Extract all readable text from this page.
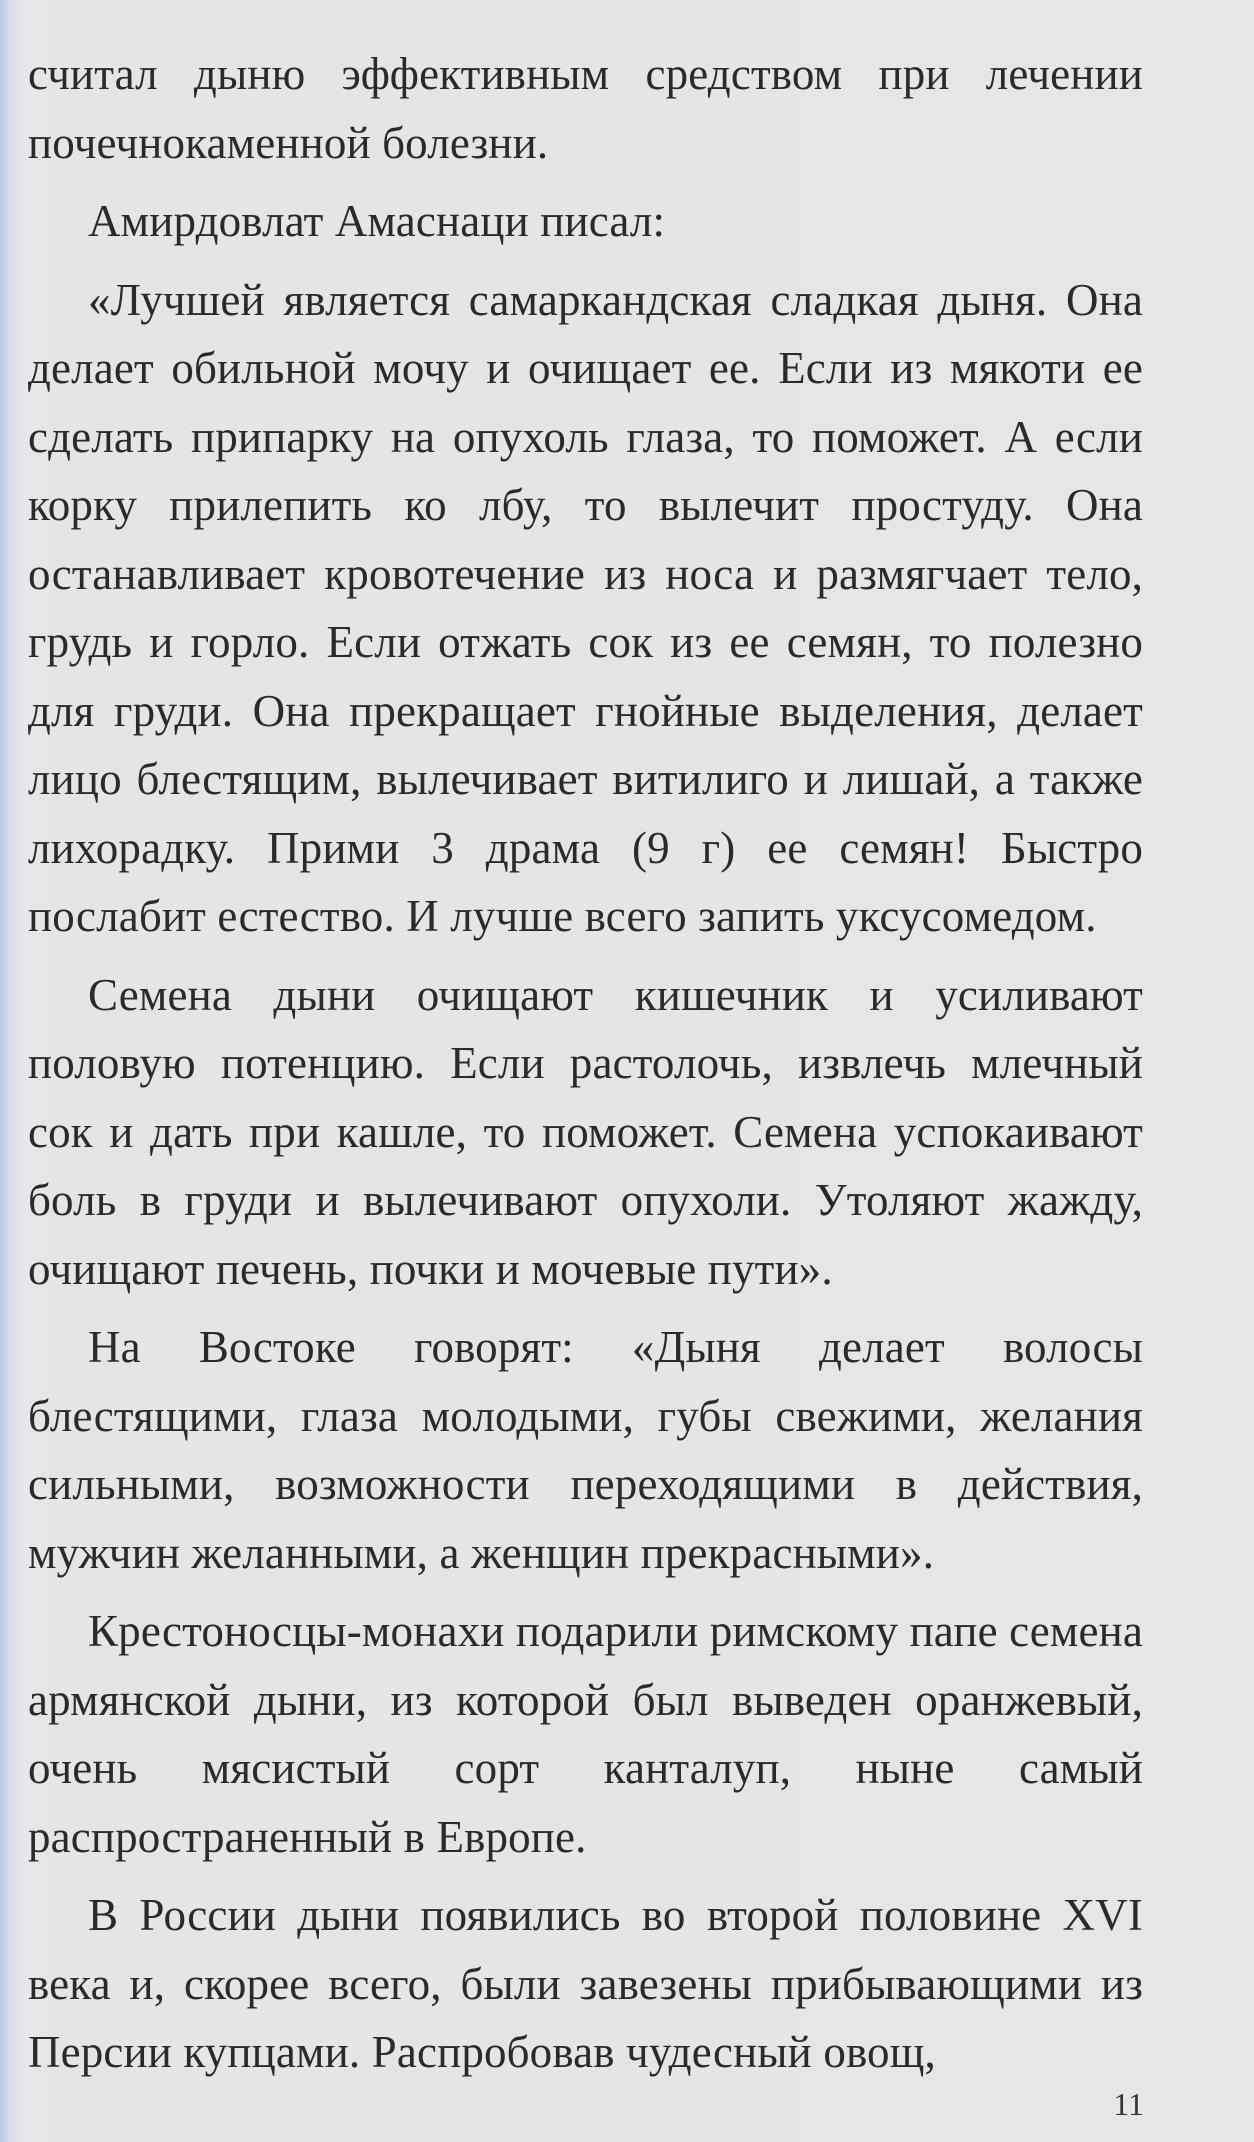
считал дыню эффективным средством при лечении почечнокаменной болезни.

Амирдовлат Амаснаци писал:

«Лучшей является самаркандская сладкая дыня. Она делает обильной мочу и очищает ее. Если из мякоти ее сделать припарку на опухоль глаза, то поможет. А если корку прилепить ко лбу, то вылечит простуду. Она останавливает кровотечение из носа и размягчает тело, грудь и горло. Если отжать сок из ее семян, то полезно для груди. Она прекращает гнойные выделения, делает лицо блестящим, вылечивает витилиго и лишай, а также лихорадку. Прими 3 драма (9 г) ее семян! Быстро послабит естество. И лучше всего запить уксусомедом.

Семена дыни очищают кишечник и усиливают половую потенцию. Если растолочь, извлечь млечный сок и дать при кашле, то поможет. Семена успокаивают боль в груди и вылечивают опухоли. Утоляют жажду, очищают печень, почки и мочевые пути».

На Востоке говорят: «Дыня делает волосы блестящими, глаза молодыми, губы свежими, желания сильными, возможности переходящими в действия, мужчин желанными, а женщин прекрасными».

Крестоносцы-монахи подарили римскому папе семена армянской дыни, из которой был выведен оранжевый, очень мясистый сорт канталуп, ныне самый распространенный в Европе.

В России дыни появились во второй половине XVI века и, скорее всего, были завезены прибывающими из Персии купцами. Распробовав чудесный овощ,

11
